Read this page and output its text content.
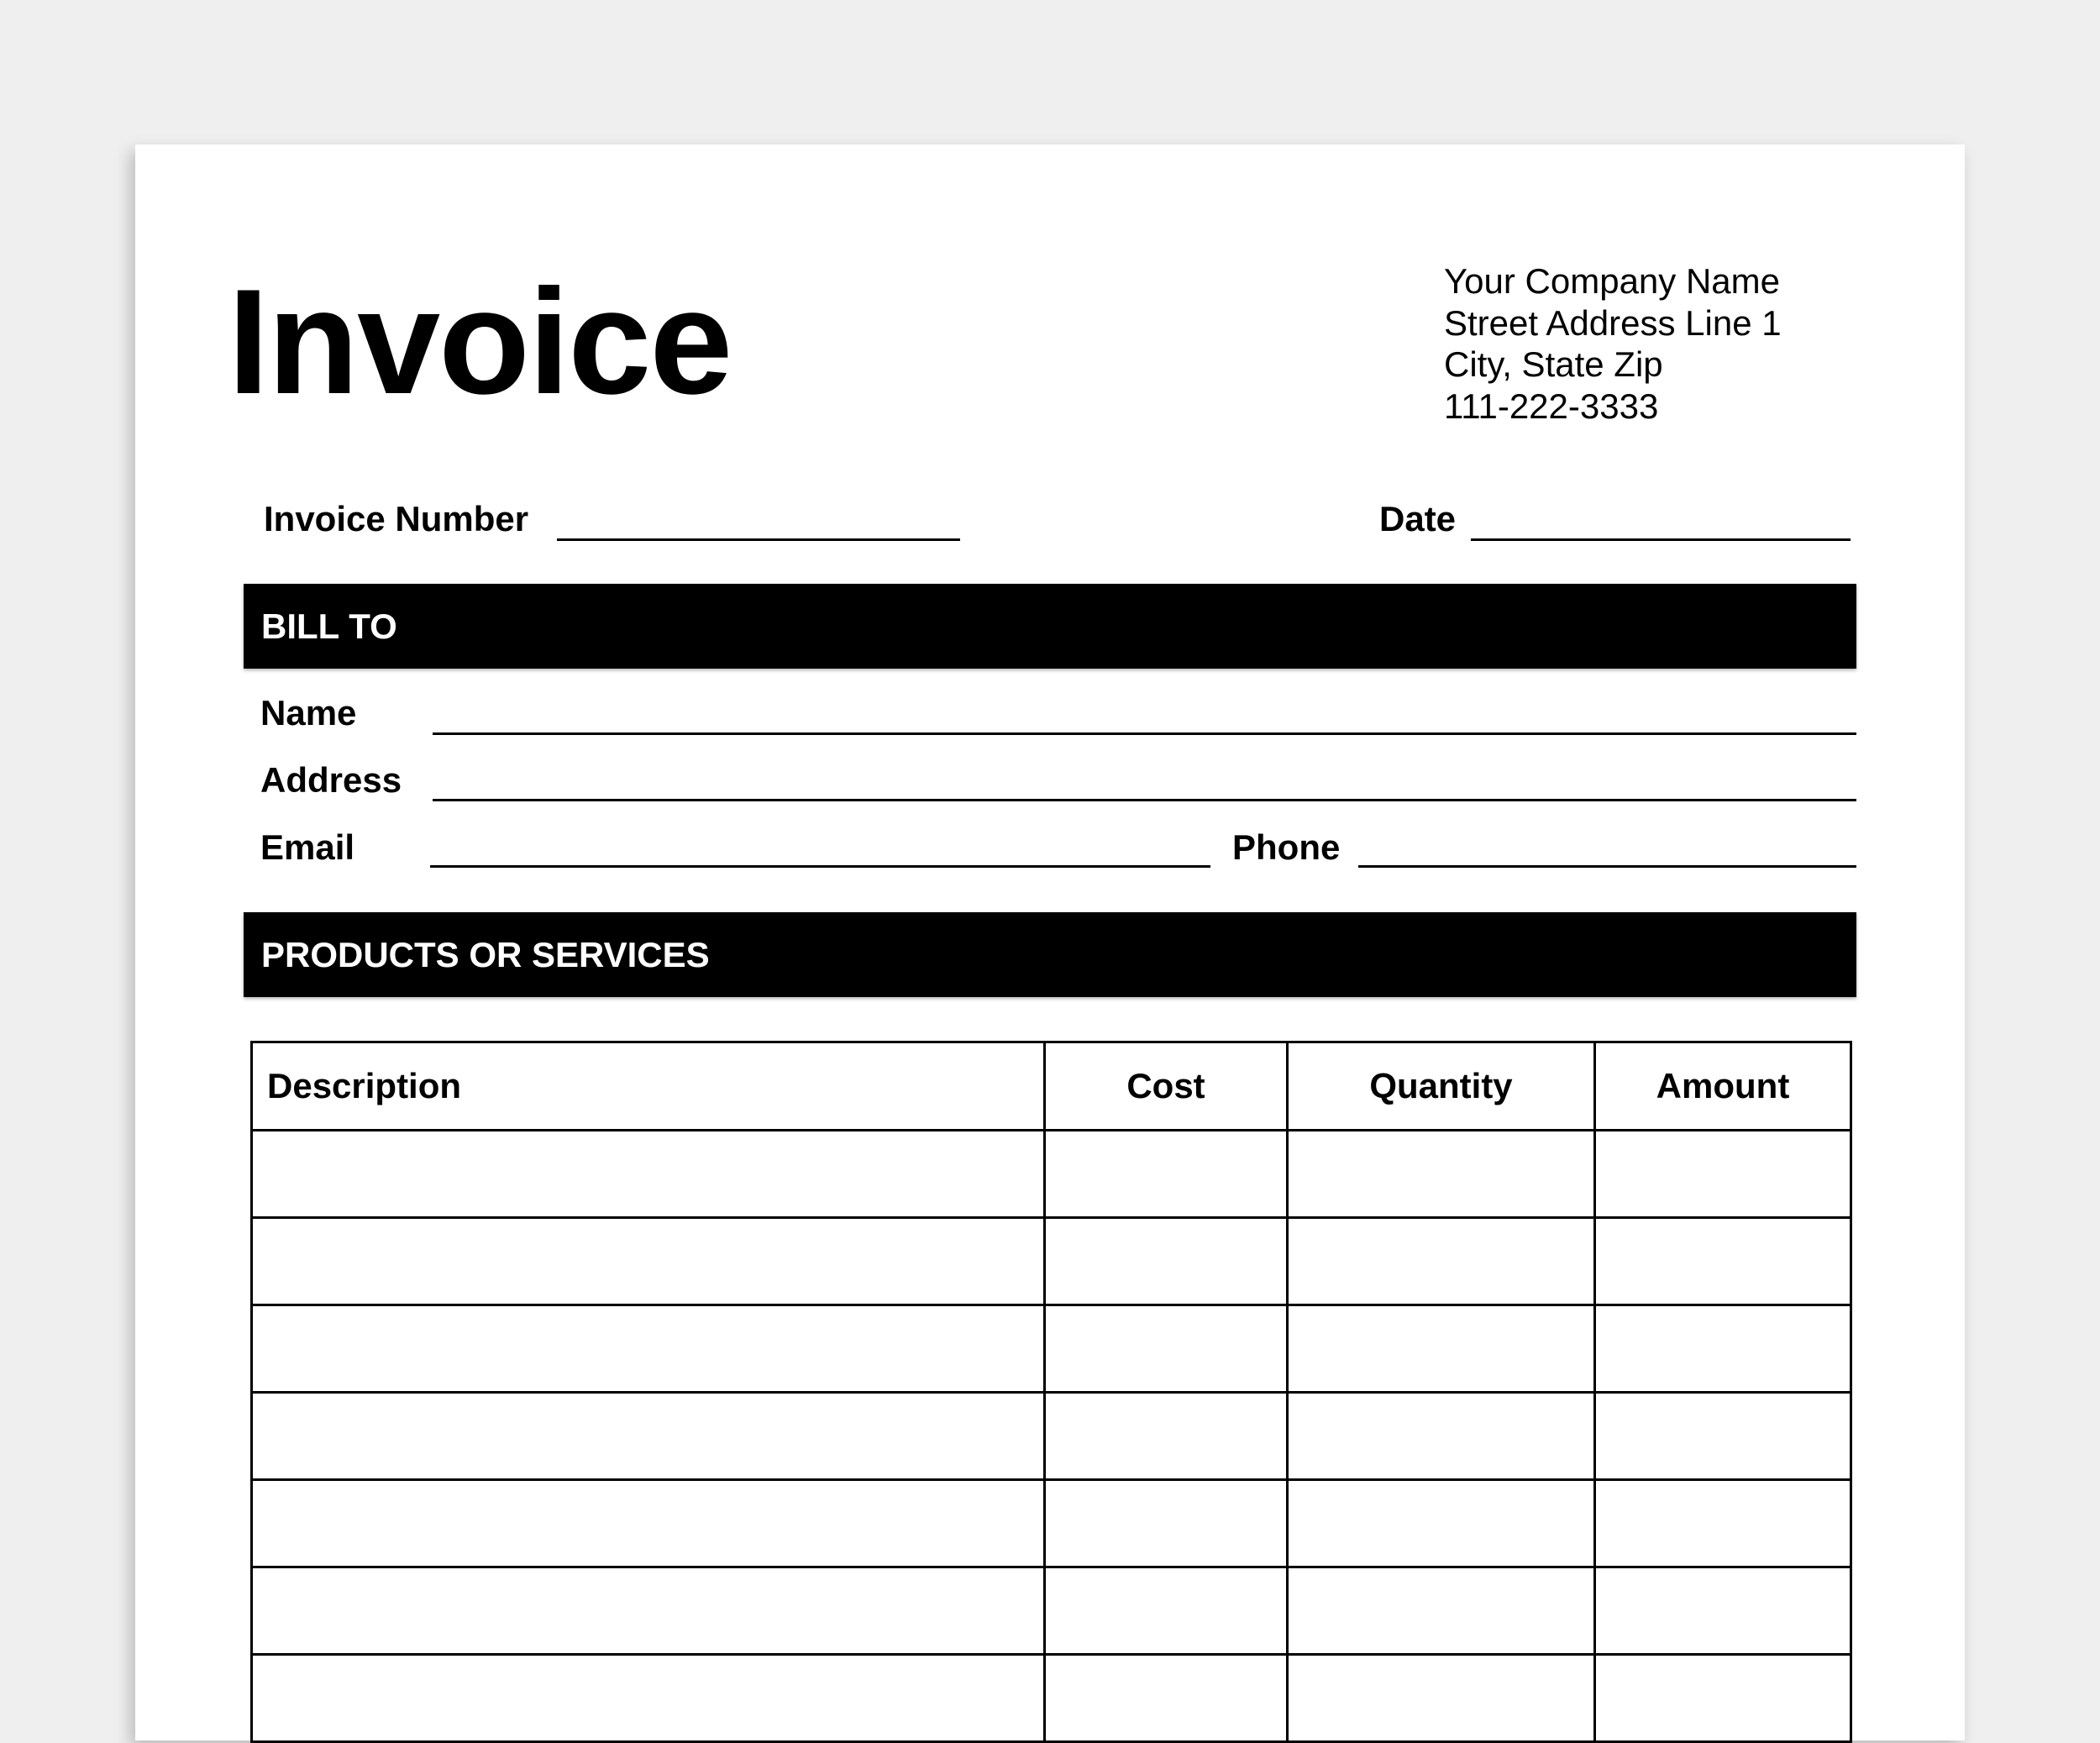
Invoice	Your Company Name
Street Address Line 1
City, State Zip
111-222-3333
Invoice Number	Date
BILL TO
Name
Address
Email	Phone
PRODUCTS OR SERVICES
Description	Cost	Quantity	Amount
